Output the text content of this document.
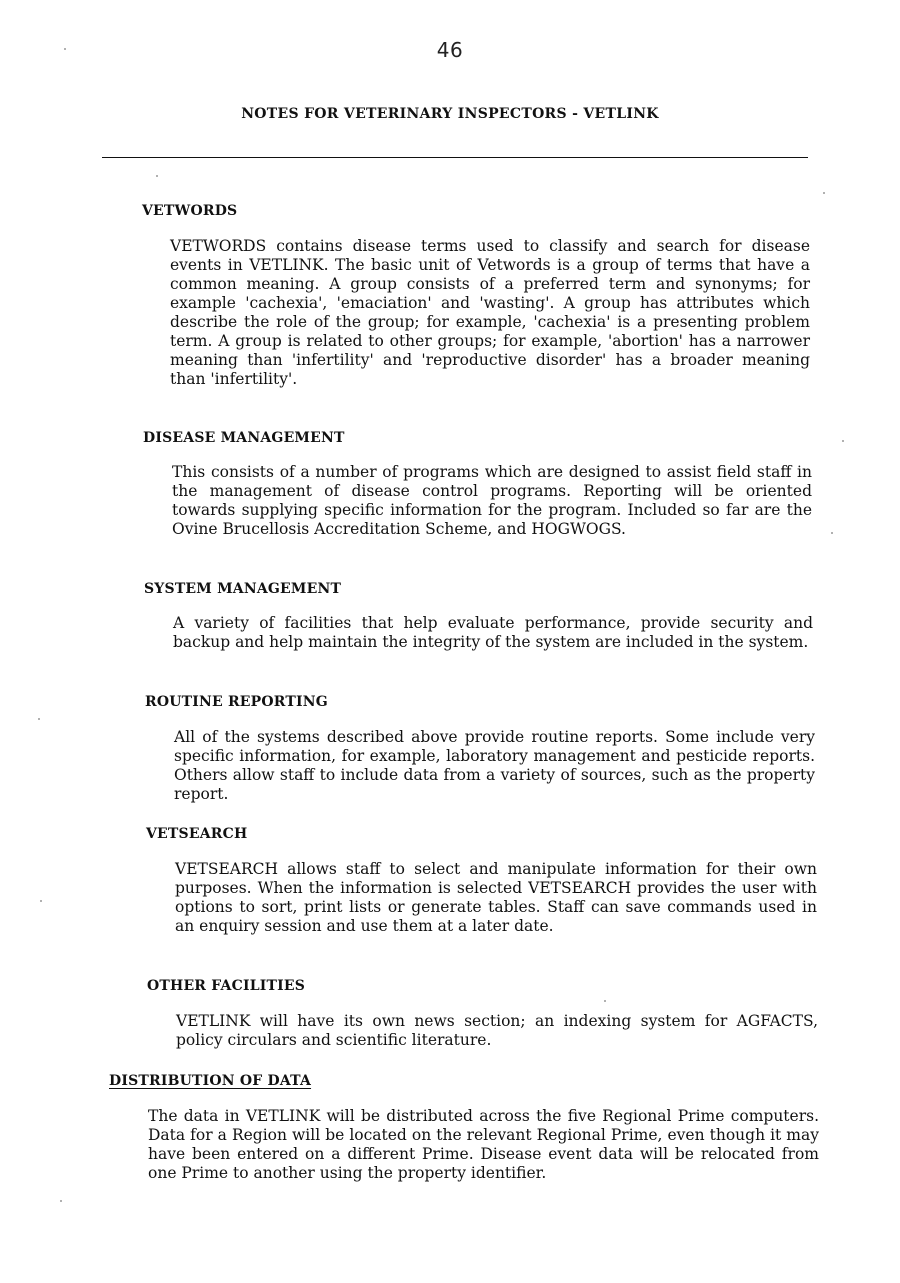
46
NOTES FOR VETERINARY INSPECTORS - VETLINK
VETWORDS

VETWORDS contains disease terms used to classify and search for disease events in VETLINK. The basic unit of Vetwords is a group of terms that have a common meaning. A group consists of a preferred term and synonyms; for example 'cachexia', 'emaciation' and 'wasting'. A group has attributes which describe the role of the group; for example, 'cachexia' is a presenting problem term. A group is related to other groups; for example, 'abortion' has a narrower meaning than 'infertility' and 'reproductive disorder' has a broader meaning than 'infertility'.

DISEASE MANAGEMENT

This consists of a number of programs which are designed to assist field staff in the management of disease control programs. Reporting will be oriented towards supplying specific information for the program. Included so far are the Ovine Brucellosis Accreditation Scheme, and HOGWOGS.

SYSTEM MANAGEMENT

A variety of facilities that help evaluate performance, provide security and backup and help maintain the integrity of the system are included in the system.

ROUTINE REPORTING

All of the systems described above provide routine reports. Some include very specific information, for example, laboratory management and pesticide reports. Others allow staff to include data from a variety of sources, such as the property report.

VETSEARCH

VETSEARCH allows staff to select and manipulate information for their own purposes. When the information is selected VETSEARCH provides the user with options to sort, print lists or generate tables. Staff can save commands used in an enquiry session and use them at a later date.

OTHER FACILITIES

VETLINK will have its own news section; an indexing system for AGFACTS, policy circulars and scientific literature.

DISTRIBUTION OF DATA

The data in VETLINK will be distributed across the five Regional Prime computers. Data for a Region will be located on the relevant Regional Prime, even though it may have been entered on a different Prime. Disease event data will be relocated from one Prime to another using the property identifier.
